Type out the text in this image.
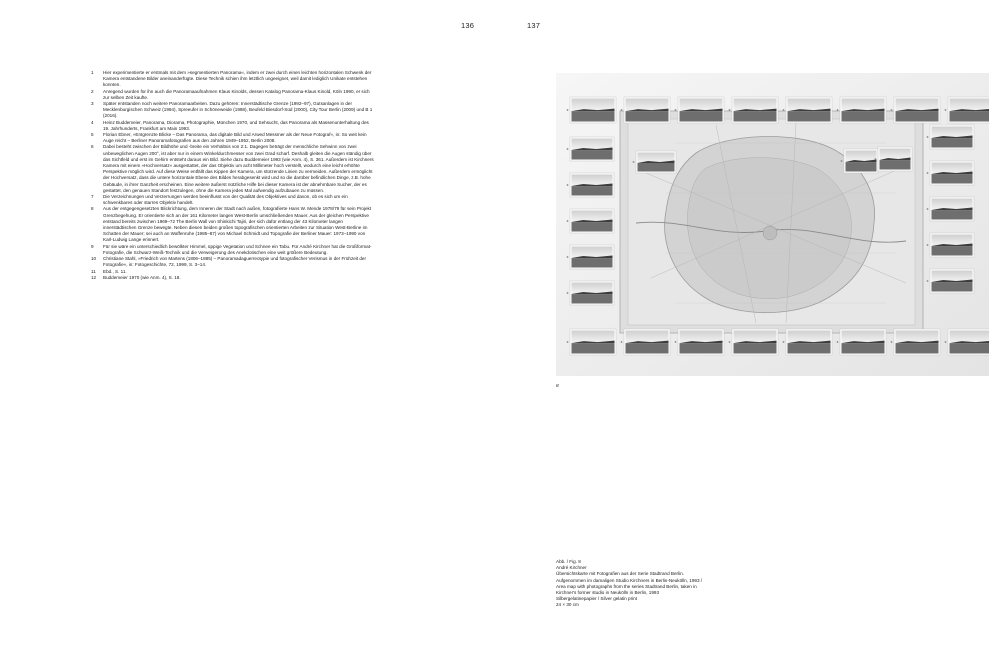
136	137
1	Hier experimentierte er erstmals mit dem »segmentierten Panorama«, indem er zwei durch einen leichten horizontalen Schwenk der Kamera entstandene Bilder aneinanderfügte. Diese Technik schien ihm letztlich ungeeignet, weil damit lediglich Unikate entstehen konnten.
2	Anregend wurden für ihn auch die Panoramaaufnahmen Klaus Kinolds, dessen Katalog Panorama-Klaus Kinold, Köln 1990, er sich zur selben Zeit kaufte.
3	Später entstanden noch weitere Panoramaarbeiten. Dazu gehören: Innerstädtische Grenze (1992–97), Gutsanlagen in der Mecklenburgischen Schweiz (1994), Spreeufer in Schöneweide (1998), Beufeld Biesdorf-Süd (2000), City Tour Berlin (2009) und B 1 (2016).
4	Heinz Buddemeier, Panorama, Diorama, Photographie, München 1970, und Sehsucht, das Panorama als Massenunterhaltung des 19. Jahrhunderts, Frankfurt am Main 1993.
5	Florian Ebner, »Entgrenzte Blicke – Das Panorama, das digitale Bild und Arwed Messmer als der Neue Fotograf«, in: So weit kein Auge reicht – Berliner Panoramafotografien aus den Jahren 1949–1952, Berlin 2008.
6	Dabei besteht zwischen der Bildhöhe und -breite ein Verhältnis von 2:1. Dagegen beträgt der menschliche Sehwinn von zwei unbeweglichen Augen 200°, ist aber nur in einem Winkeldurchmesser von zwei Grad scharf. Deshalb gleiten die Augen ständig über das Sichtfeld und erst im Gehirn entsteht daraus ein Bild. Siehe dazu Buddemeier 1993 (wie Anm. 4), S. 361. Außerdem ist Kirchners Kamera mit einem »Hochversatz« ausgestattet, der das Objektiv um acht Millimeter hoch verstellt, wodurch eine leicht erhöhte Perspektive möglich wird. Auf diese Weise entfällt das Kippen der Kamera, um stürzende Linien zu vermeiden. Außerdem ermöglicht der Hochversatz, dass die untere horizontale Ebene des Bildes herabgesenkt wird und so die darüber befindlichen Dinge, z.B. hohe Gebäude, in ihrer Ganzheit erscheinen. Eine weitere äußerst nützliche Hilfe bei dieser Kamera ist der abnehmbare Sucher, der es gestattet, den genauen Standort festzulegen, ohne die Kamera jedes Mal aufwendig aufzubauen zu müssen.
7	Die Verzeichnungen und Verzerrungen werden beeinflusst von der Qualität des Objektives und davon, ob es sich um ein schwenkbares oder starres Objektiv handelt.
8	Aus der entgegengesetzten Blickrichtung, dem Inneren der Stadt nach außen, fotografierte Hans W. Mende 1978/79 für sein Projekt Grenzbegehung. Er orientierte sich an der 161 Kilometer langen West-Berlin umschließenden Mauer. Aus der gleichen Perspektive entstand bereits zwischen 1969–72 The Berlin Wall von Shinkichi Tajiri, der sich dafür entlang der 43 Kilometer langen innerstädtischen Grenze bewegte. Neben diesen beiden großen topografischen orientierten Arbeiten zur Situation West-Berline im Schatten der Mauer; sei auch an Waffenruhe (1985–87) von Michael Schmidt und Topografie der Berliner Mauer: 1973–1990 von Karl-Ludwig Lange erinnert.
9	Für sie wäre ein unterschiedlich bewölkter Himmel, üppige Vegetation und Schnee ein Tabu. Für André Kirchner hat die Großformat-Fotografie, die Schwarz-Weiß-Technik und die Verweigerung des Anekdotischen eine weit größere Bedeutung.
10	Christiane Stahl, »Friedrich von Martens (1806–1885) – Panoramadaguerreotypie und fotografischer Verismus in der Frühzeit der Fotografie«, in: Fotogeschichte, 72, 1999, S. 3–14.
11	Ebd., S. 11.
12	Buddemeier 1970 (wie Anm. 4), S. 18.
8
Abb. / Fig. 8
André Kirchner
Übersichtskarte mit Fotografien aus der Serie Stadtrand Berlin.
Aufgenommen im damaligen Studio Kirchners in Berlin-Neukölln, 1993 /
Area map with photographs from the series Stadtrand Berlin, taken in
Kirchner's former studio in Neukölln in Berlin, 1993
Silbergelatinepapier / Silver gelatin print
24 × 30 cm
